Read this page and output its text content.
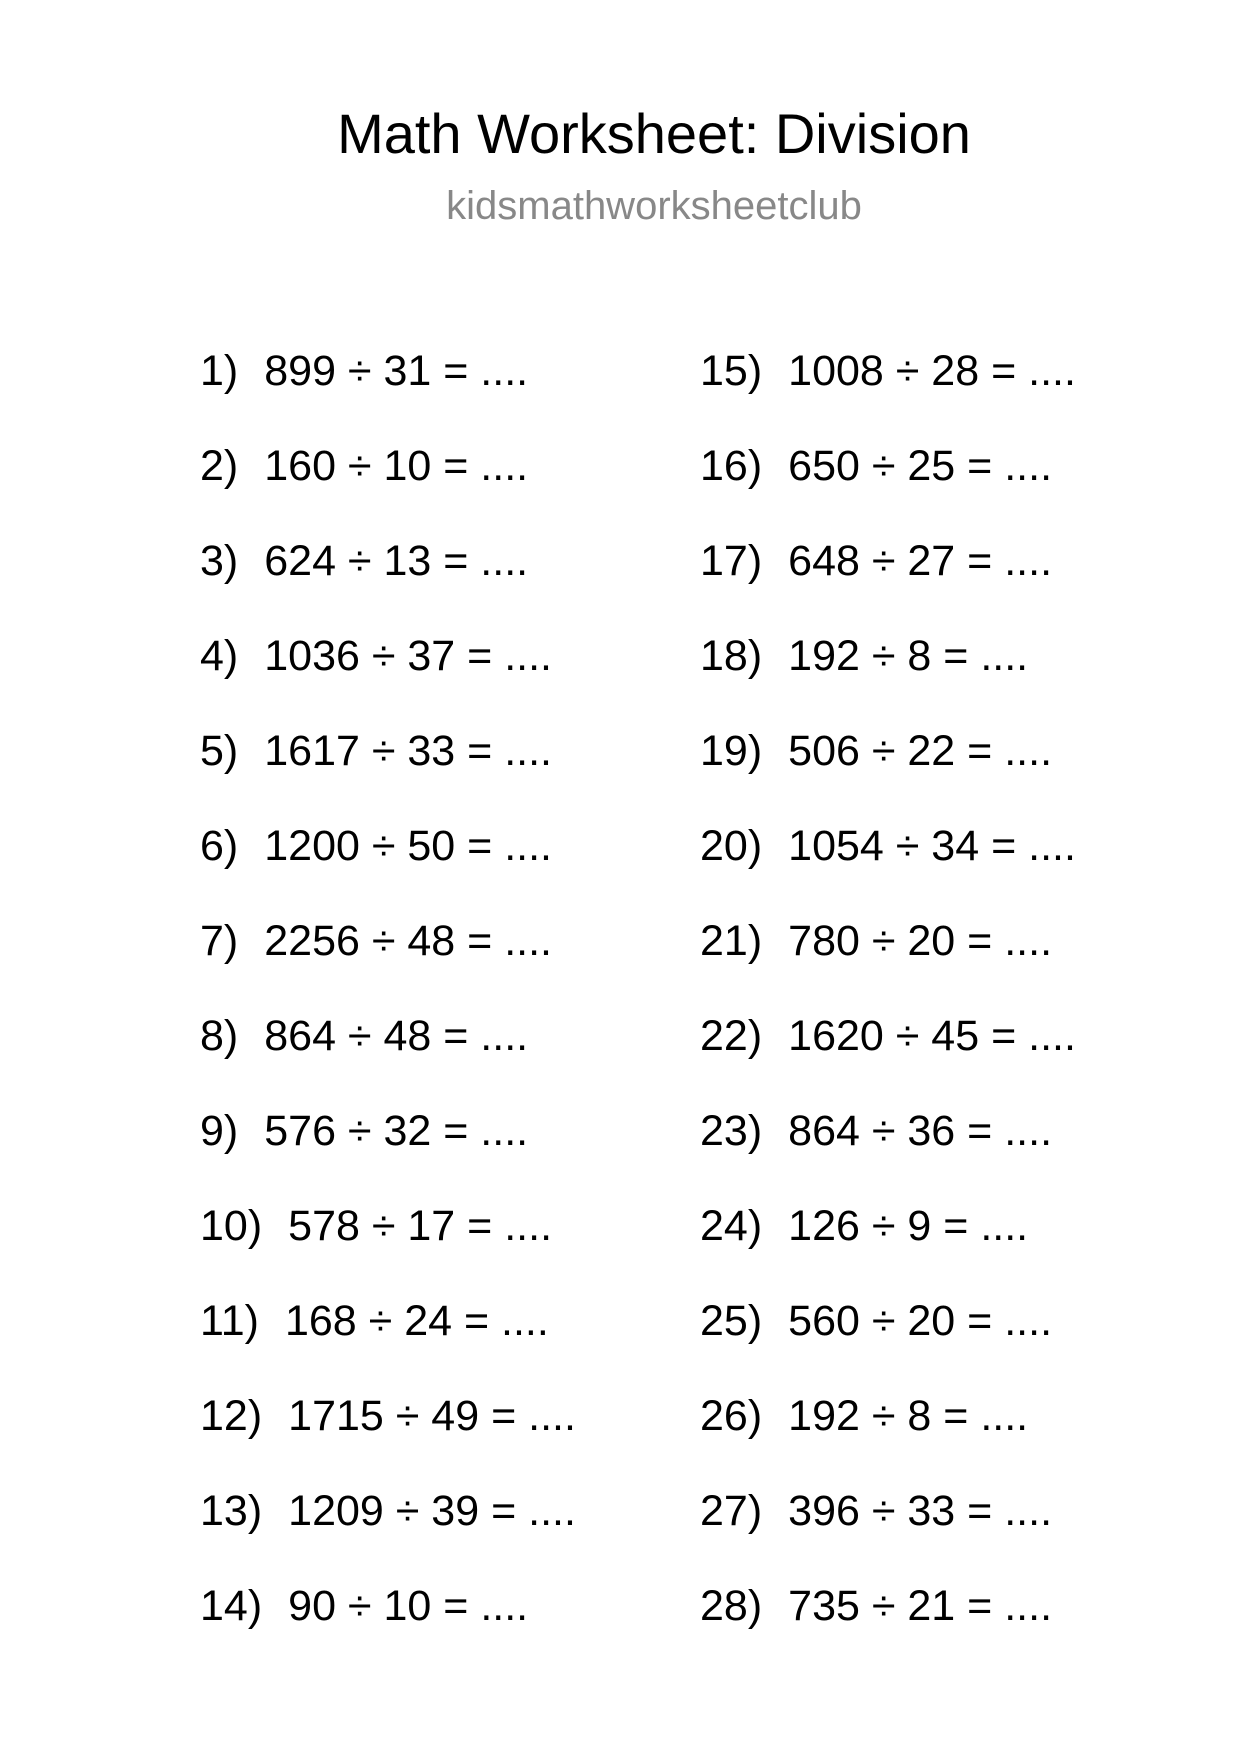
Math Worksheet: Division
kidsmathworksheetclub
1) 899 ÷ 31 = ....
2) 160 ÷ 10 = ....
3) 624 ÷ 13 = ....
4) 1036 ÷ 37 = ....
5) 1617 ÷ 33 = ....
6) 1200 ÷ 50 = ....
7) 2256 ÷ 48 = ....
8) 864 ÷ 48 = ....
9) 576 ÷ 32 = ....
10) 578 ÷ 17 = ....
11) 168 ÷ 24 = ....
12) 1715 ÷ 49 = ....
13) 1209 ÷ 39 = ....
14) 90 ÷ 10 = ....
15) 1008 ÷ 28 = ....
16) 650 ÷ 25 = ....
17) 648 ÷ 27 = ....
18) 192 ÷ 8 = ....
19) 506 ÷ 22 = ....
20) 1054 ÷ 34 = ....
21) 780 ÷ 20 = ....
22) 1620 ÷ 45 = ....
23) 864 ÷ 36 = ....
24) 126 ÷ 9 = ....
25) 560 ÷ 20 = ....
26) 192 ÷ 8 = ....
27) 396 ÷ 33 = ....
28) 735 ÷ 21 = ....
